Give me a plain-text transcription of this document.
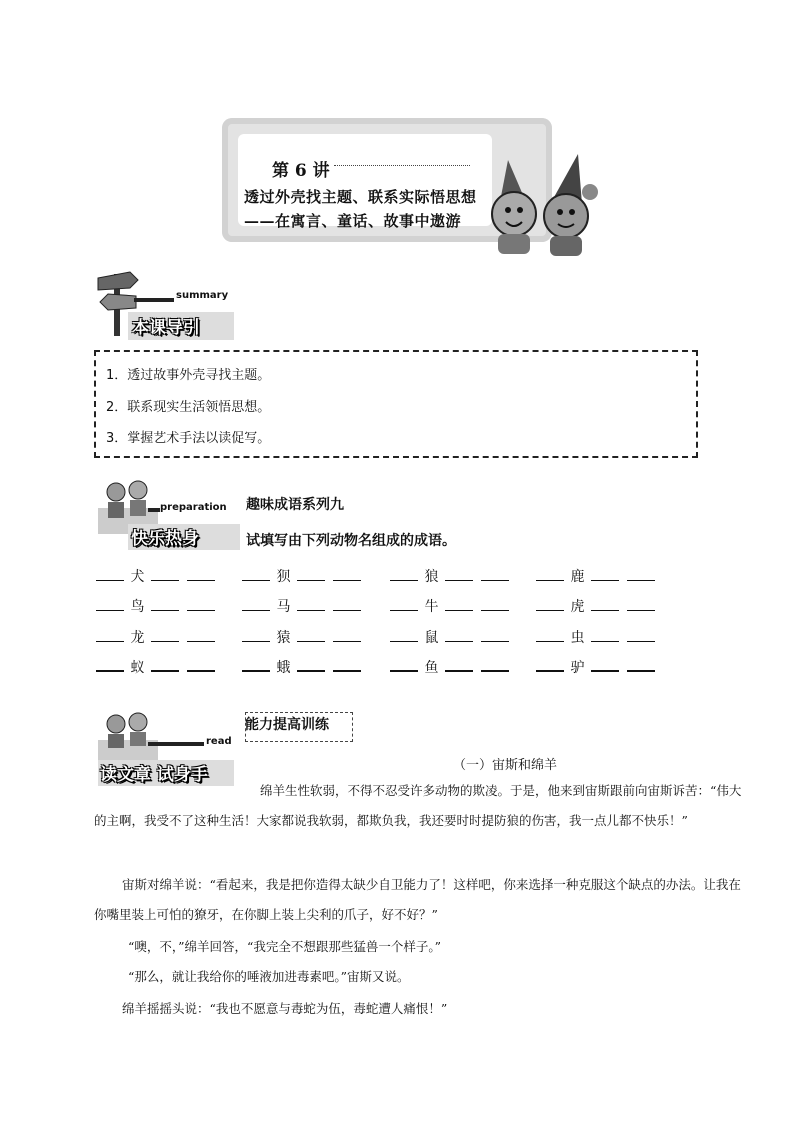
第 6 讲
透过外壳找主题、联系实际悟思想
——在寓言、童话、故事中遨游
summary
本课导引
1．透过故事外壳寻找主题。
2．联系现实生活领悟思想。
3．掌握艺术手法以读促写。
preparation
快乐热身
趣味成语系列九
试填写由下列动物名组成的成语。
犬	狈	狼	鹿
鸟	马	牛	虎
龙	猿	鼠	虫
蚁	蛾	鱼	驴
read
读文章 试身手
能力提高训练
（一）宙斯和绵羊
绵羊生性软弱，不得不忍受许多动物的欺凌。于是，他来到宙斯跟前向宙斯诉苦：“伟大的主啊，我受不了这种生活！大家都说我软弱，都欺负我，我还要时时提防狼的伤害，我一点儿都不快乐！”
宙斯对绵羊说：“看起来，我是把你造得太缺少自卫能力了！这样吧，你来选择一种克服这个缺点的办法。让我在你嘴里装上可怕的獠牙，在你脚上装上尖利的爪子，好不好？”
“噢，不，”绵羊回答，“我完全不想跟那些猛兽一个样子。”
“那么，就让我给你的唾液加进毒素吧。”宙斯又说。
绵羊摇摇头说：“我也不愿意与毒蛇为伍，毒蛇遭人痛恨！”
